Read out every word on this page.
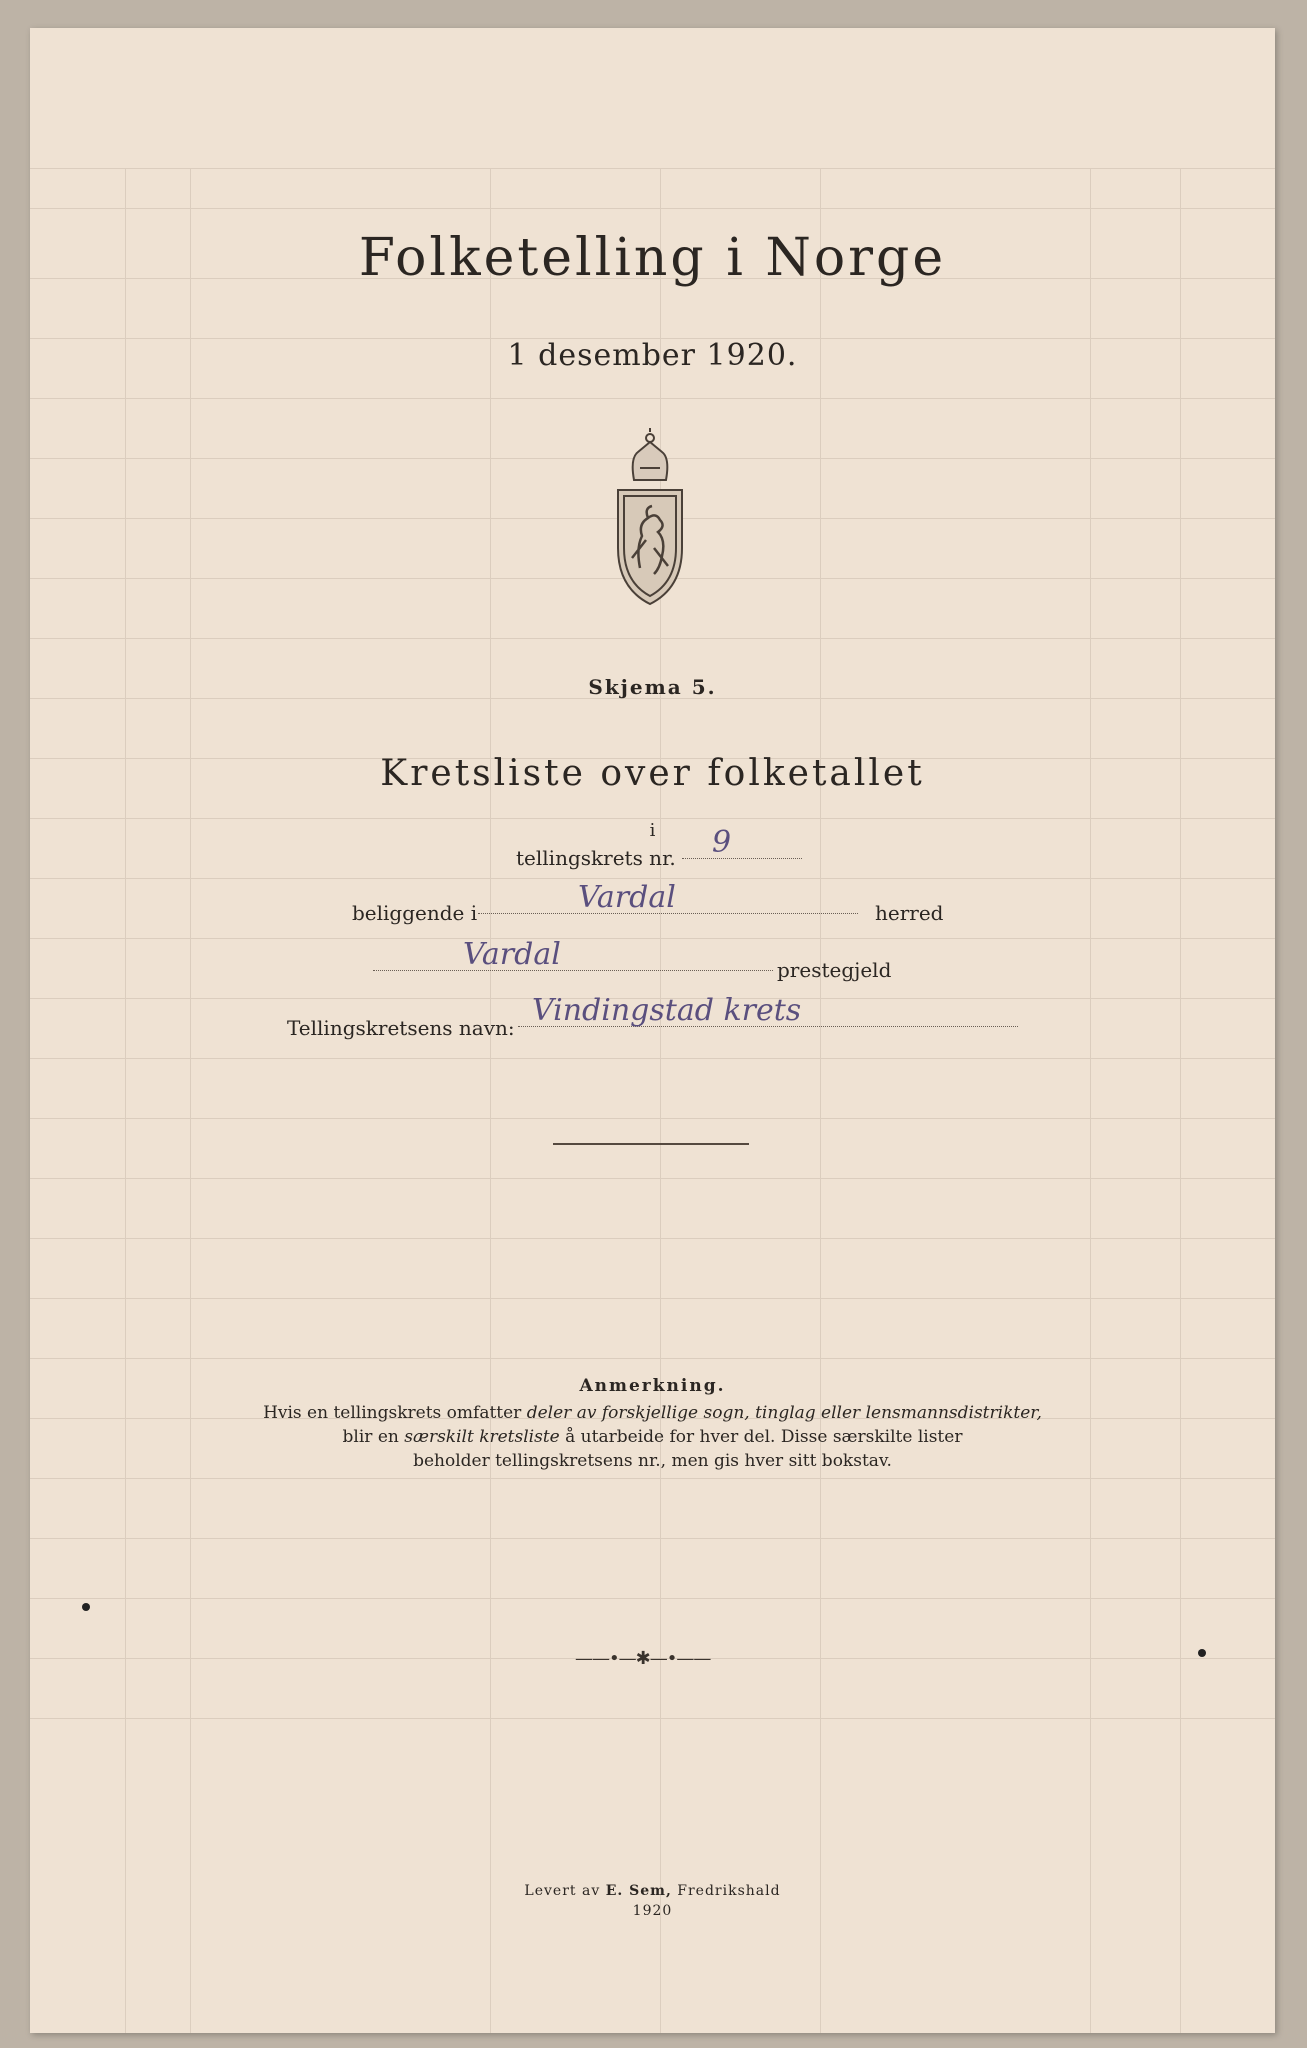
Folketelling i Norge
1 desember 1920.
Skjema 5.
Kretsliste over folketallet
i
tellingskrets nr.	9
beliggende i	Vardal	herred
Vardal	prestegjeld
Tellingskretsens navn: Vindingstad krets
Anmerkning.
Hvis en tellingskrets omfatter deler av forskjellige sogn, tinglag eller lensmannsdistrikter,
blir en særskilt kretsliste å utarbeide for hver del. Disse særskilte lister
beholder tellingskretsens nr., men gis hver sitt bokstav.
——•—✱—•——
Levert av E. Sem, Fredrikshald
1920
